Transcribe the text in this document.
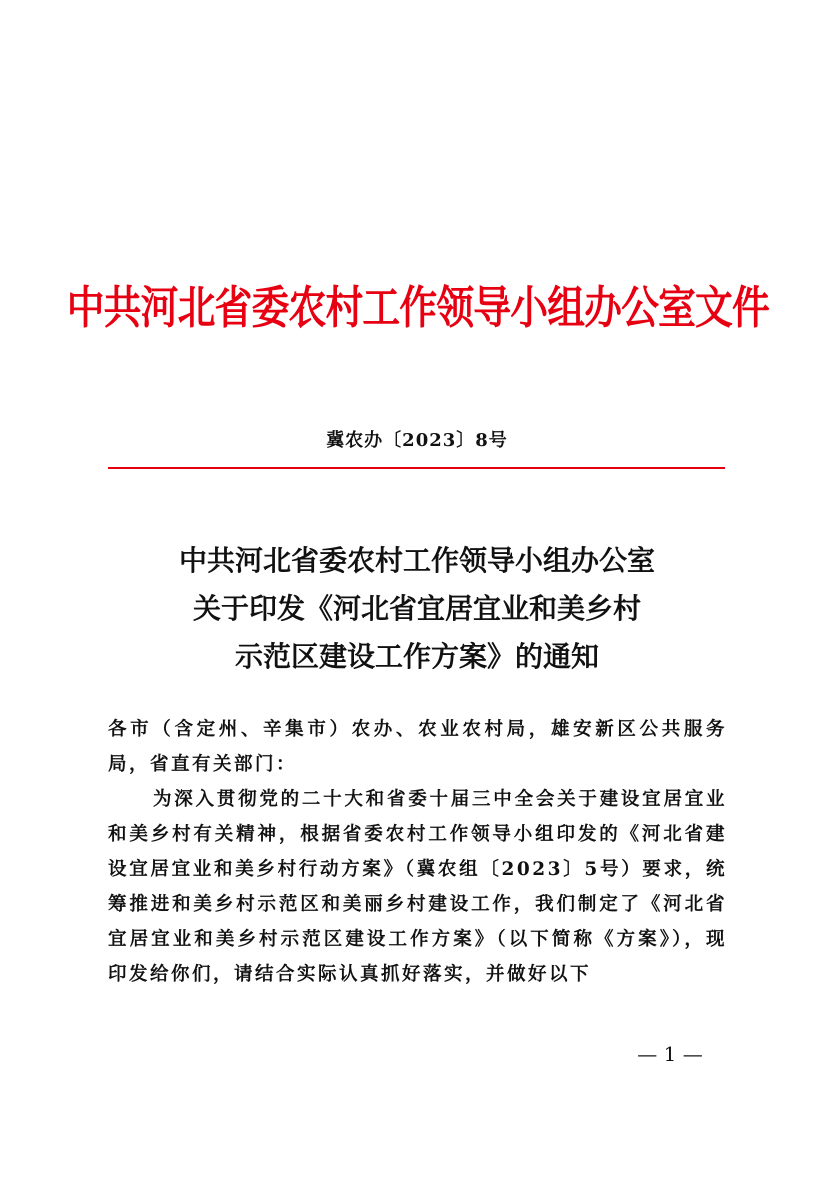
中共河北省委农村工作领导小组办公室文件
冀农办〔2023〕8号
中共河北省委农村工作领导小组办公室
关于印发《河北省宜居宜业和美乡村
示范区建设工作方案》的通知

各市（含定州、辛集市）农办、农业农村局，雄安新区公共服务局，省直有关部门：

为深入贯彻党的二十大和省委十届三中全会关于建设宜居宜业和美乡村有关精神，根据省委农村工作领导小组印发的《河北省建设宜居宜业和美乡村行动方案》（冀农组〔2023〕5号）要求，统筹推进和美乡村示范区和美丽乡村建设工作，我们制定了《河北省宜居宜业和美乡村示范区建设工作方案》（以下简称《方案》），现印发给你们，请结合实际认真抓好落实，并做好以下

— 1 —
